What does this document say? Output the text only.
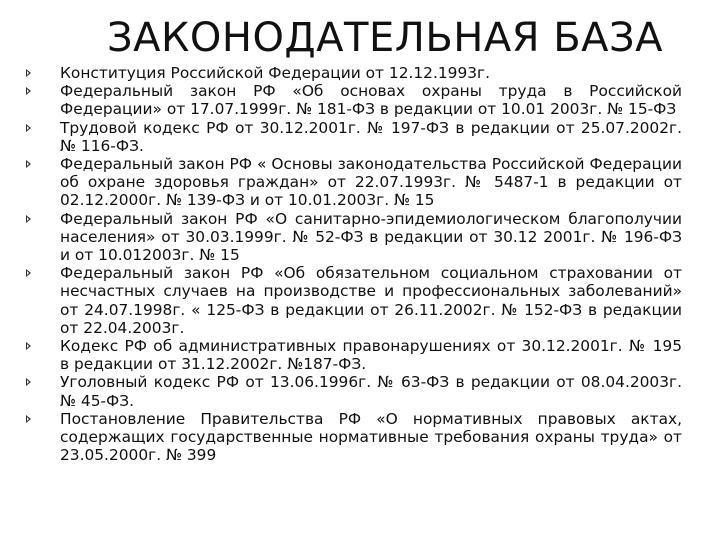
ЗАКОНОДАТЕЛЬНАЯ БАЗА
Конституция Российской Федерации от 12.12.1993г.
Федеральный закон РФ «Об основах охраны труда в Российской Федерации» от 17.07.1999г. № 181-ФЗ в редакции от 10.01 2003г. № 15-ФЗ
Трудовой кодекс РФ от 30.12.2001г. № 197-ФЗ в редакции от 25.07.2002г. № 116-ФЗ.
Федеральный закон РФ « Основы законодательства Российской Федерации об охране здоровья граждан» от 22.07.1993г. № 5487-1 в редакции от 02.12.2000г. № 139-ФЗ и от 10.01.2003г. № 15
Федеральный закон РФ «О санитарно-эпидемиологическом благополучии населения» от 30.03.1999г. № 52-ФЗ в редакции от 30.12 2001г. № 196-ФЗ и от 10.012003г. № 15
Федеральный закон РФ «Об обязательном социальном страховании от несчастных случаев на производстве и профессиональных заболеваний» от 24.07.1998г. « 125-ФЗ в редакции от 26.11.2002г. № 152-ФЗ в редакции от 22.04.2003г.
Кодекс РФ об административных правонарушениях от 30.12.2001г. № 195 в редакции от 31.12.2002г. №187-ФЗ.
Уголовный кодекс РФ от 13.06.1996г. № 63-ФЗ в редакции от 08.04.2003г. № 45-ФЗ.
Постановление Правительства РФ «О нормативных правовых актах, содержащих государственные нормативные требования охраны труда» от 23.05.2000г. № 399
